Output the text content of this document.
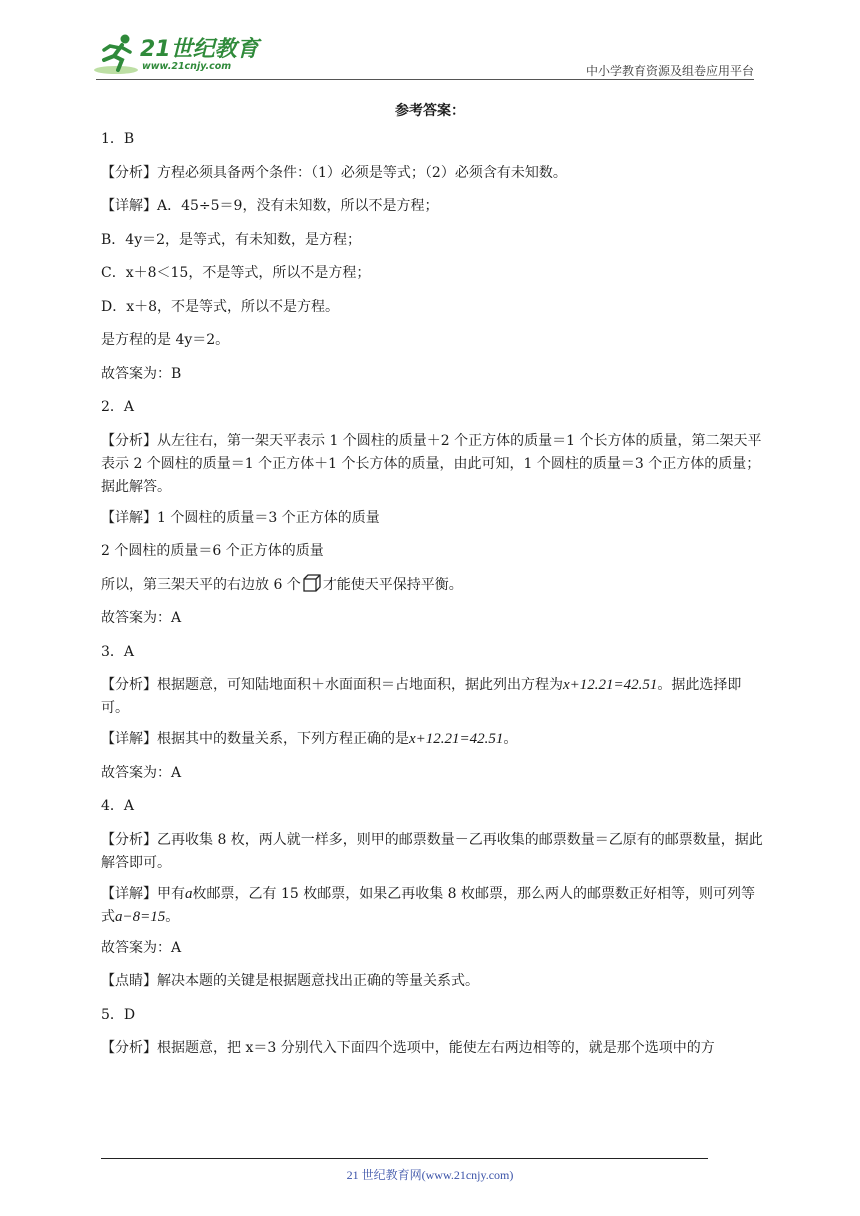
21世纪教育
www.21cnjy.com	中小学教育资源及组卷应用平台
参考答案：

1．B

【分析】方程必须具备两个条件：（1）必须是等式；（2）必须含有未知数。

【详解】A．45÷5＝9，没有未知数，所以不是方程；

B．4y＝2，是等式，有未知数，是方程；

C．x＋8＜15，不是等式，所以不是方程；

D．x＋8，不是等式，所以不是方程。

是方程的是 4y＝2。

故答案为：B

2．A

【分析】从左往右，第一架天平表示 1 个圆柱的质量＋2 个正方体的质量＝1 个长方体的质量，第二架天平表示 2 个圆柱的质量＝1 个正方体＋1 个长方体的质量，由此可知，1 个圆柱的质量＝3 个正方体的质量；据此解答。

【详解】1 个圆柱的质量＝3 个正方体的质量

2 个圆柱的质量＝6 个正方体的质量

所以，第三架天平的右边放 6 个 才能使天平保持平衡。

故答案为：A

3．A

【分析】根据题意，可知陆地面积＋水面面积＝占地面积，据此列出方程为x+12.21=42.51。据此选择即可。

【详解】根据其中的数量关系，下列方程正确的是x+12.21=42.51。

故答案为：A

4．A

【分析】乙再收集 8 枚，两人就一样多，则甲的邮票数量－乙再收集的邮票数量＝乙原有的邮票数量，据此解答即可。

【详解】甲有a枚邮票，乙有 15 枚邮票，如果乙再收集 8 枚邮票，那么两人的邮票数正好相等，则可列等式a−8=15。

故答案为：A

【点睛】解决本题的关键是根据题意找出正确的等量关系式。

5．D

【分析】根据题意，把 x＝3 分别代入下面四个选项中，能使左右两边相等的，就是那个选项中的方

21 世纪教育网(www.21cnjy.com)
